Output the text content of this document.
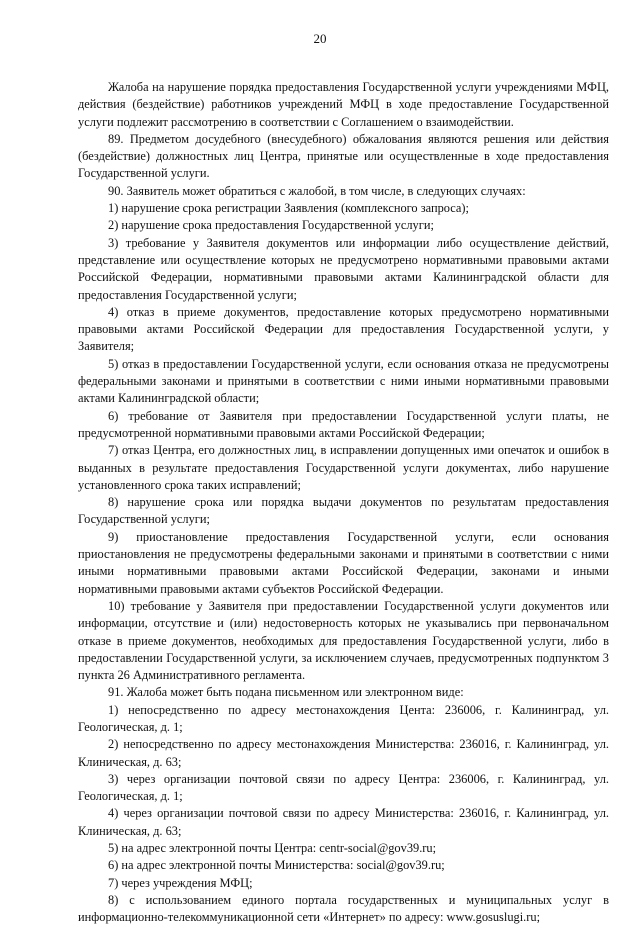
20

Жалоба на нарушение порядка предоставления Государственной услуги учреждениями МФЦ, действия (бездействие) работников учреждений МФЦ в ходе предоставление Государственной услуги подлежит рассмотрению в соответствии с Соглашением о взаимодействии.

89. Предметом досудебного (внесудебного) обжалования являются решения или действия (бездействие) должностных лиц Центра, принятые или осуществленные в ходе предоставления Государственной услуги.

90. Заявитель может обратиться с жалобой, в том числе, в следующих случаях:

1) нарушение срока регистрации Заявления (комплексного запроса);

2) нарушение срока предоставления Государственной услуги;

3) требование у Заявителя документов или информации либо осуществление действий, представление или осуществление которых не предусмотрено нормативными правовыми актами Российской Федерации, нормативными правовыми актами Калининградской области для предоставления Государственной услуги;

4) отказ в приеме документов, предоставление которых предусмотрено нормативными правовыми актами Российской Федерации для предоставления Государственной услуги, у Заявителя;

5) отказ в предоставлении Государственной услуги, если основания отказа не предусмотрены федеральными законами и принятыми в соответствии с ними иными нормативными правовыми актами Калининградской области;

6) требование от Заявителя при предоставлении Государственной услуги платы, не предусмотренной нормативными правовыми актами Российской Федерации;

7) отказ Центра, его должностных лиц, в исправлении допущенных ими опечаток и ошибок в выданных в результате предоставления Государственной услуги документах, либо нарушение установленного срока таких исправлений;

8) нарушение срока или порядка выдачи документов по результатам предоставления Государственной услуги;

9) приостановление предоставления Государственной услуги, если основания приостановления не предусмотрены федеральными законами и принятыми в соответствии с ними иными нормативными правовыми актами Российской Федерации, законами и иными нормативными правовыми актами субъектов Российской Федерации.

10) требование у Заявителя при предоставлении Государственной услуги документов или информации, отсутствие и (или) недостоверность которых не указывались при первоначальном отказе в приеме документов, необходимых для предоставления Государственной услуги, либо в предоставлении Государственной услуги, за исключением случаев, предусмотренных подпунктом 3 пункта 26 Административного регламента.

91. Жалоба может быть подана письменном или электронном виде:

1) непосредственно по адресу местонахождения Цента: 236006, г. Калининград, ул. Геологическая, д. 1;

2) непосредственно по адресу местонахождения Министерства: 236016, г. Калининград, ул. Клиническая, д. 63;

3) через организации почтовой связи по адресу Центра: 236006, г. Калининград, ул. Геологическая, д. 1;

4) через организации почтовой связи по адресу Министерства: 236016, г. Калининград, ул. Клиническая, д. 63;

5) на адрес электронной почты Центра: centr-social@gov39.ru;

6) на адрес электронной почты Министерства: social@gov39.ru;

7) через учреждения МФЦ;

8) с использованием единого портала государственных и муниципальных услуг в информационно-телекоммуникационной сети «Интернет» по адресу: www.gosuslugi.ru;
